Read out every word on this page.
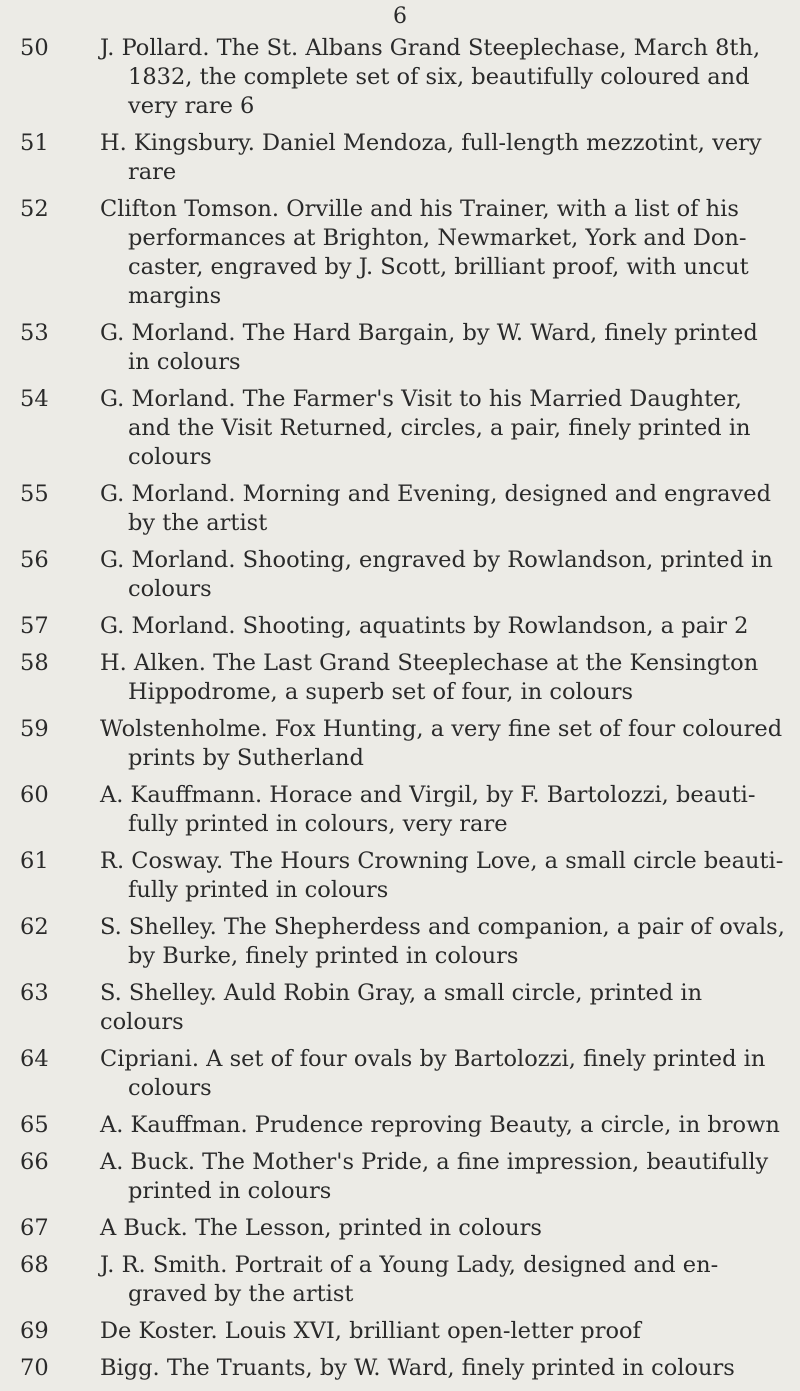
6
50	J. Pollard. The St. Albans Grand Steeplechase, March 8th,
1832, the complete set of six, beautifully coloured and
very rare 6
51	H. Kingsbury. Daniel Mendoza, full-length mezzotint, very
rare
52	Clifton Tomson. Orville and his Trainer, with a list of his
performances at Brighton, Newmarket, York and Don-
caster, engraved by J. Scott, brilliant proof, with uncut
margins
53	G. Morland. The Hard Bargain, by W. Ward, finely printed
in colours
54	G. Morland. The Farmer's Visit to his Married Daughter,
and the Visit Returned, circles, a pair, finely printed in
colours
55	G. Morland. Morning and Evening, designed and engraved
by the artist
56	G. Morland. Shooting, engraved by Rowlandson, printed in
colours
57	G. Morland. Shooting, aquatints by Rowlandson, a pair 2
58	H. Alken. The Last Grand Steeplechase at the Kensington
Hippodrome, a superb set of four, in colours
59	Wolstenholme. Fox Hunting, a very fine set of four coloured
prints by Sutherland
60	A. Kauffmann. Horace and Virgil, by F. Bartolozzi, beauti-
fully printed in colours, very rare
61	R. Cosway. The Hours Crowning Love, a small circle beauti-
fully printed in colours
62	S. Shelley. The Shepherdess and companion, a pair of ovals,
by Burke, finely printed in colours
63	S. Shelley. Auld Robin Gray, a small circle, printed in colours
64	Cipriani. A set of four ovals by Bartolozzi, finely printed in
colours
65	A. Kauffman. Prudence reproving Beauty, a circle, in brown
66	A. Buck. The Mother's Pride, a fine impression, beautifully
printed in colours
67	A Buck. The Lesson, printed in colours
68	J. R. Smith. Portrait of a Young Lady, designed and en-
graved by the artist
69	De Koster. Louis XVI, brilliant open-letter proof
70	Bigg. The Truants, by W. Ward, finely printed in colours
